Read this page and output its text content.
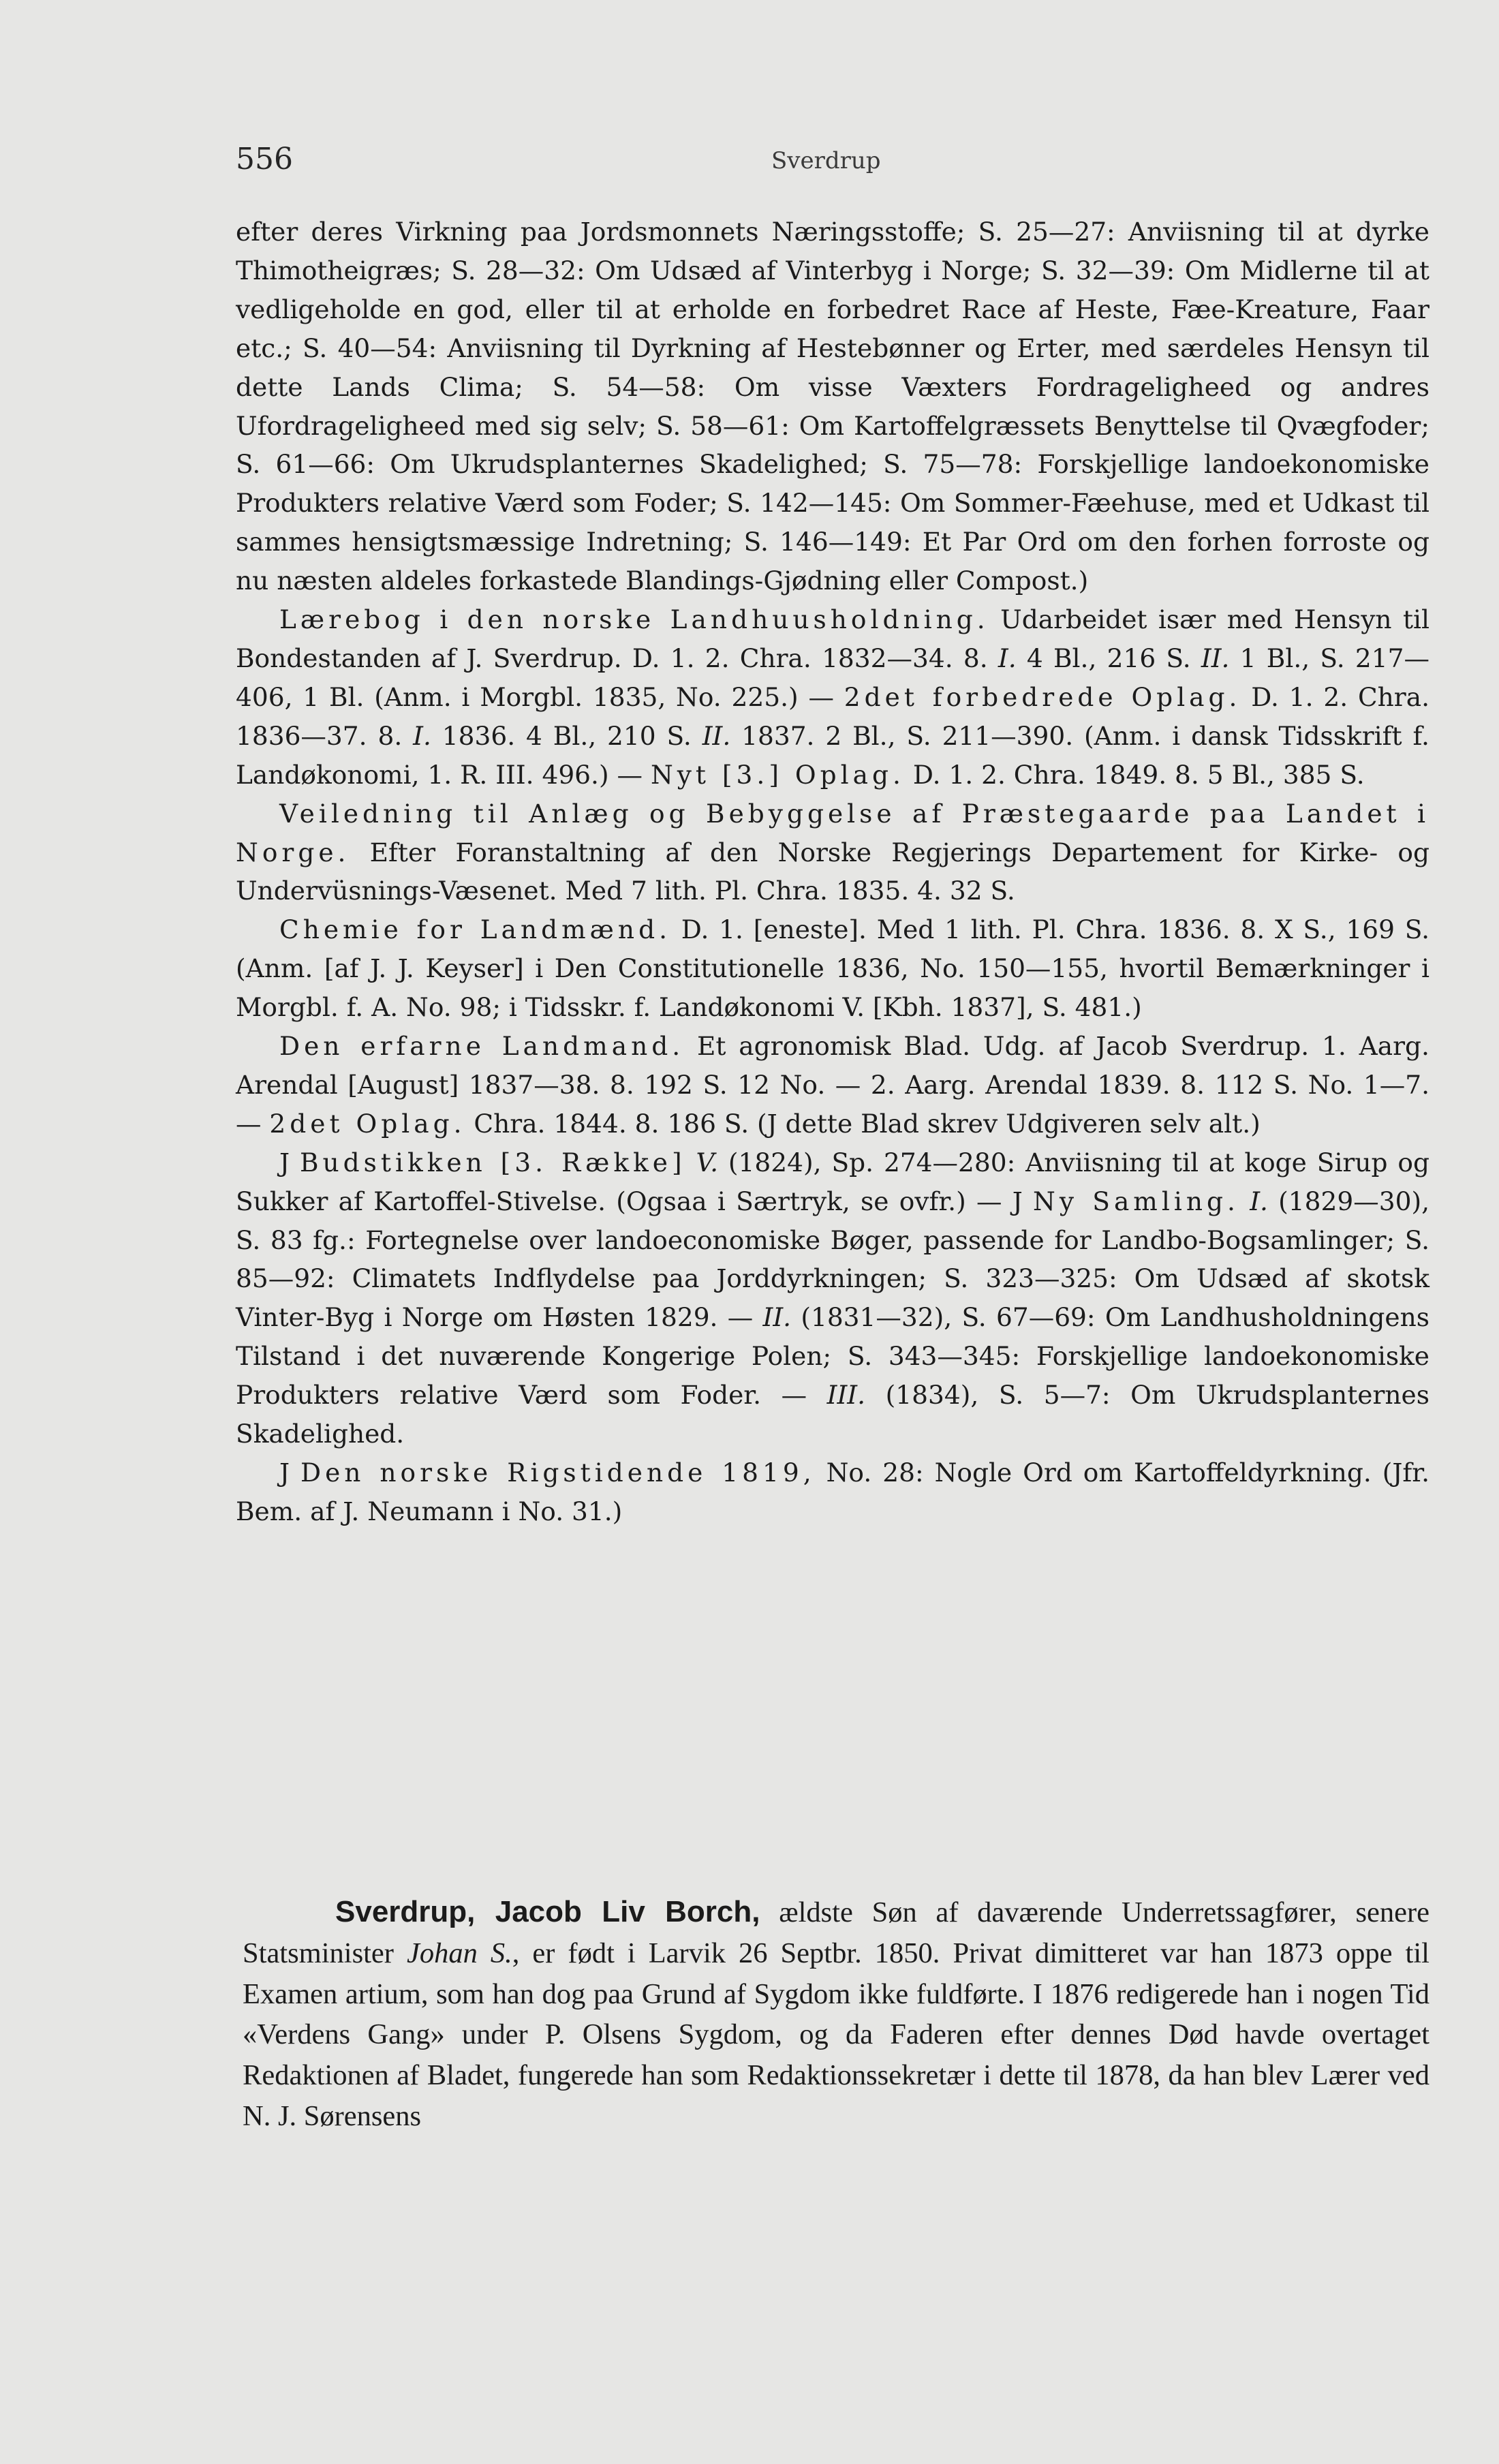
556	Sverdrup

efter deres Virkning paa Jordsmonnets Næringsstoffe; S. 25—27: Anviisning til at dyrke Thimotheigræs; S. 28—32: Om Udsæd af Vinterbyg i Norge; S. 32—39: Om Midlerne til at vedligeholde en god, eller til at erholde en forbedret Race af Heste, Fæe-Kreature, Faar etc.; S. 40—54: Anviisning til Dyrkning af Hestebønner og Erter, med særdeles Hensyn til dette Lands Clima; S. 54—58: Om visse Væxters Fordrageligheed og andres Ufordrageligheed med sig selv; S. 58—61: Om Kartoffelgræssets Benyttelse til Qvægfoder; S. 61—66: Om Ukrudsplanternes Skadelighed; S. 75—78: Forskjellige landoekonomiske Produkters relative Værd som Foder; S. 142—145: Om Sommer-Fæehuse, med et Udkast til sammes hensigtsmæssige Indretning; S. 146—149: Et Par Ord om den forhen forroste og nu næsten aldeles forkastede Blandings-Gjødning eller Compost.)

Lærebog i den norske Landhuusholdning. Udarbeidet især med Hensyn til Bondestanden af J. Sverdrup. D. 1. 2. Chra. 1832—34. 8. I. 4 Bl., 216 S. II. 1 Bl., S. 217—406, 1 Bl. (Anm. i Morgbl. 1835, No. 225.) — 2det forbedrede Oplag. D. 1. 2. Chra. 1836—37. 8. I. 1836. 4 Bl., 210 S. II. 1837. 2 Bl., S. 211—390. (Anm. i dansk Tidsskrift f. Landøkonomi, 1. R. III. 496.) — Nyt [3.] Oplag. D. 1. 2. Chra. 1849. 8. 5 Bl., 385 S.

Veiledning til Anlæg og Bebyggelse af Præstegaarde paa Landet i Norge. Efter Foranstaltning af den Norske Regjerings Departement for Kirke- og Undervüsnings-Væsenet. Med 7 lith. Pl. Chra. 1835. 4. 32 S.

Chemie for Landmænd. D. 1. [eneste]. Med 1 lith. Pl. Chra. 1836. 8. X S., 169 S. (Anm. [af J. J. Keyser] i Den Constitutionelle 1836, No. 150—155, hvortil Bemærkninger i Morgbl. f. A. No. 98; i Tidsskr. f. Landøkonomi V. [Kbh. 1837], S. 481.)

Den erfarne Landmand. Et agronomisk Blad. Udg. af Jacob Sverdrup. 1. Aarg. Arendal [August] 1837—38. 8. 192 S. 12 No. — 2. Aarg. Arendal 1839. 8. 112 S. No. 1—7. — 2det Oplag. Chra. 1844. 8. 186 S. (J dette Blad skrev Udgiveren selv alt.)

J Budstikken [3. Række] V. (1824), Sp. 274—280: Anviisning til at koge Sirup og Sukker af Kartoffel-Stivelse. (Ogsaa i Særtryk, se ovfr.) — J Ny Samling. I. (1829—30), S. 83 fg.: Fortegnelse over landoeconomiske Bøger, passende for Landbo-Bogsamlinger; S. 85—92: Climatets Indflydelse paa Jorddyrkningen; S. 323—325: Om Udsæd af skotsk Vinter-Byg i Norge om Høsten 1829. — II. (1831—32), S. 67—69: Om Landhusholdningens Tilstand i det nuværende Kongerige Polen; S. 343—345: Forskjellige landoekonomiske Produkters relative Værd som Foder. — III. (1834), S. 5—7: Om Ukrudsplanternes Skadelighed.

J Den norske Rigstidende 1819, No. 28: Nogle Ord om Kartoffeldyrkning. (Jfr. Bem. af J. Neumann i No. 31.)

Sverdrup, Jacob Liv Borch, ældste Søn af daværende Underretssagfører, senere Statsminister Johan S., er født i Larvik 26 Septbr. 1850. Privat dimitteret var han 1873 oppe til Examen artium, som han dog paa Grund af Sygdom ikke fuldførte. I 1876 redigerede han i nogen Tid «Verdens Gang» under P. Olsens Sygdom, og da Faderen efter dennes Død havde overtaget Redaktionen af Bladet, fungerede han som Redaktionssekretær i dette til 1878, da han blev Lærer ved N. J. Sørensens
